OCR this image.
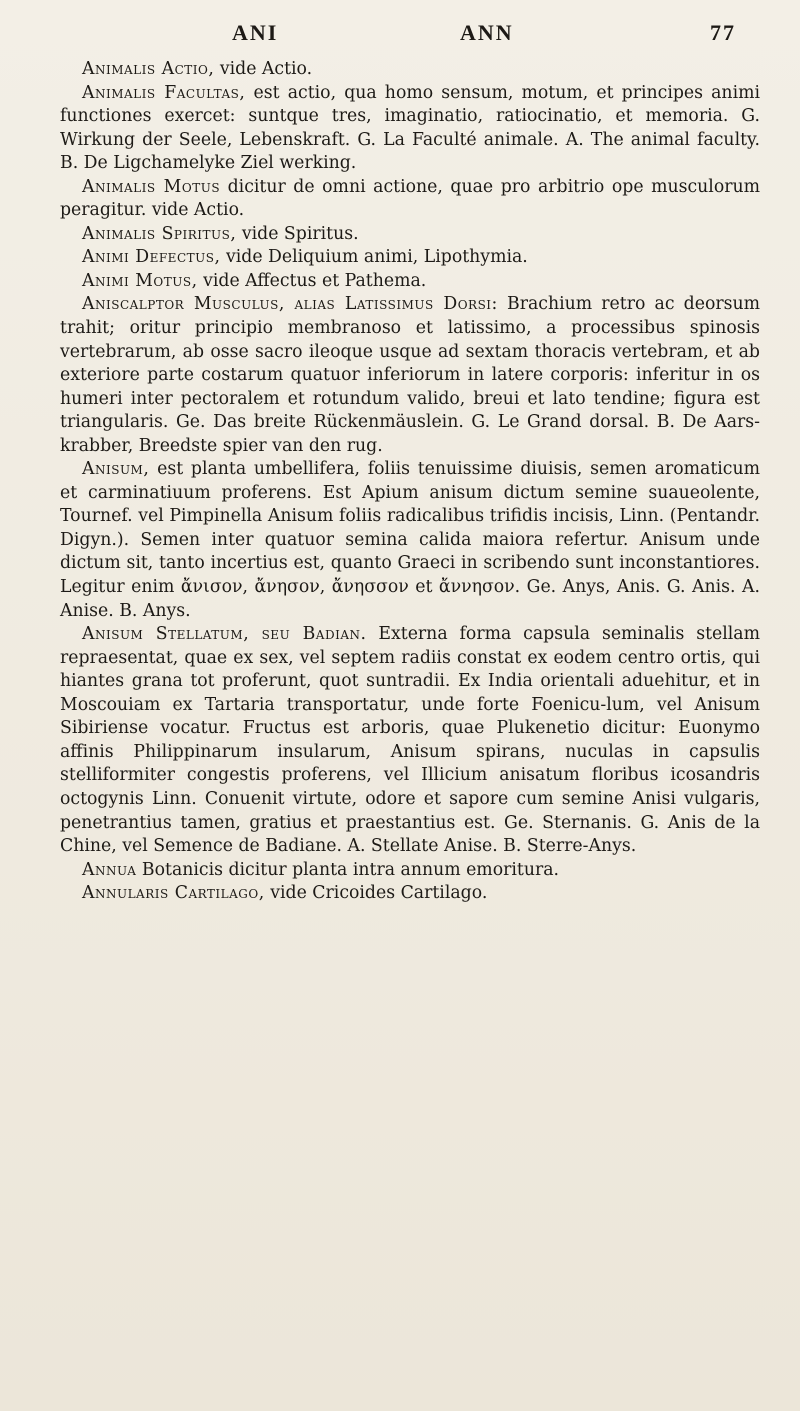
ANI	ANN	77

Animalis Actio, vide Actio.

Animalis Facultas, est actio, qua homo sensum, motum, et principes animi functiones exercet: suntque tres, imaginatio, ratiocinatio, et memoria. G. Wirkung der Seele, Lebenskraft. G. La Faculté animale. A. The animal faculty. B. De Ligchamelyke Ziel werking.

Animalis Motus dicitur de omni actione, quae pro arbitrio ope musculorum peragitur. vide Actio.

Animalis Spiritus, vide Spiritus.

Animi Defectus, vide Deliquium animi, Lipothymia.

Animi Motus, vide Affectus et Pathema.

Aniscalptor Musculus, alias Latissimus Dorsi: Brachium retro ac deorsum trahit; oritur principio membranoso et latissimo, a processibus spinosis vertebrarum, ab osse sacro ileoque usque ad sextam thoracis vertebram, et ab exteriore parte costarum quatuor inferiorum in latere corporis: inferitur in os humeri inter pectoralem et rotundum valido, breui et lato tendine; figura est triangularis. Ge. Das breite Rückenmäuslein. G. Le Grand dorsal. B. De Aars-krabber, Breedste spier van den rug.

Anisum, est planta umbellifera, foliis tenuissime diuisis, semen aromaticum et carminatiuum proferens. Est Apium anisum dictum semine suaueolente, Tournef. vel Pimpinella Anisum foliis radicalibus trifidis incisis, Linn. (Pentandr. Digyn.). Semen inter quatuor semina calida maiora refertur. Anisum unde dictum sit, tanto incertius est, quanto Graeci in scribendo sunt inconstantiores. Legitur enim ἄνισον, ἄνησον, ἄνησσον et ἄννησον. Ge. Anys, Anis. G. Anis. A. Anise. B. Anys.

Anisum Stellatum, seu Badian. Externa forma capsula seminalis stellam repraesentat, quae ex sex, vel septem radiis constat ex eodem centro ortis, qui hiantes grana tot proferunt, quot suntradii. Ex India orientali aduehitur, et in Moscouiam ex Tartaria transportatur, unde forte Foenicu-lum, vel Anisum Sibiriense vocatur. Fructus est arboris, quae Plukenetio dicitur: Euonymo affinis Philippinarum insularum, Anisum spirans, nuculas in capsulis stelliformiter congestis proferens, vel Illicium anisatum floribus icosandris octogynis Linn. Conuenit virtute, odore et sapore cum semine Anisi vulgaris, penetrantius tamen, gratius et praestantius est. Ge. Sternanis. G. Anis de la Chine, vel Semence de Badiane. A. Stellate Anise. B. Sterre-Anys.

Annua Botanicis dicitur planta intra annum emoritura.

Annularis Cartilago, vide Cricoides Cartilago.
